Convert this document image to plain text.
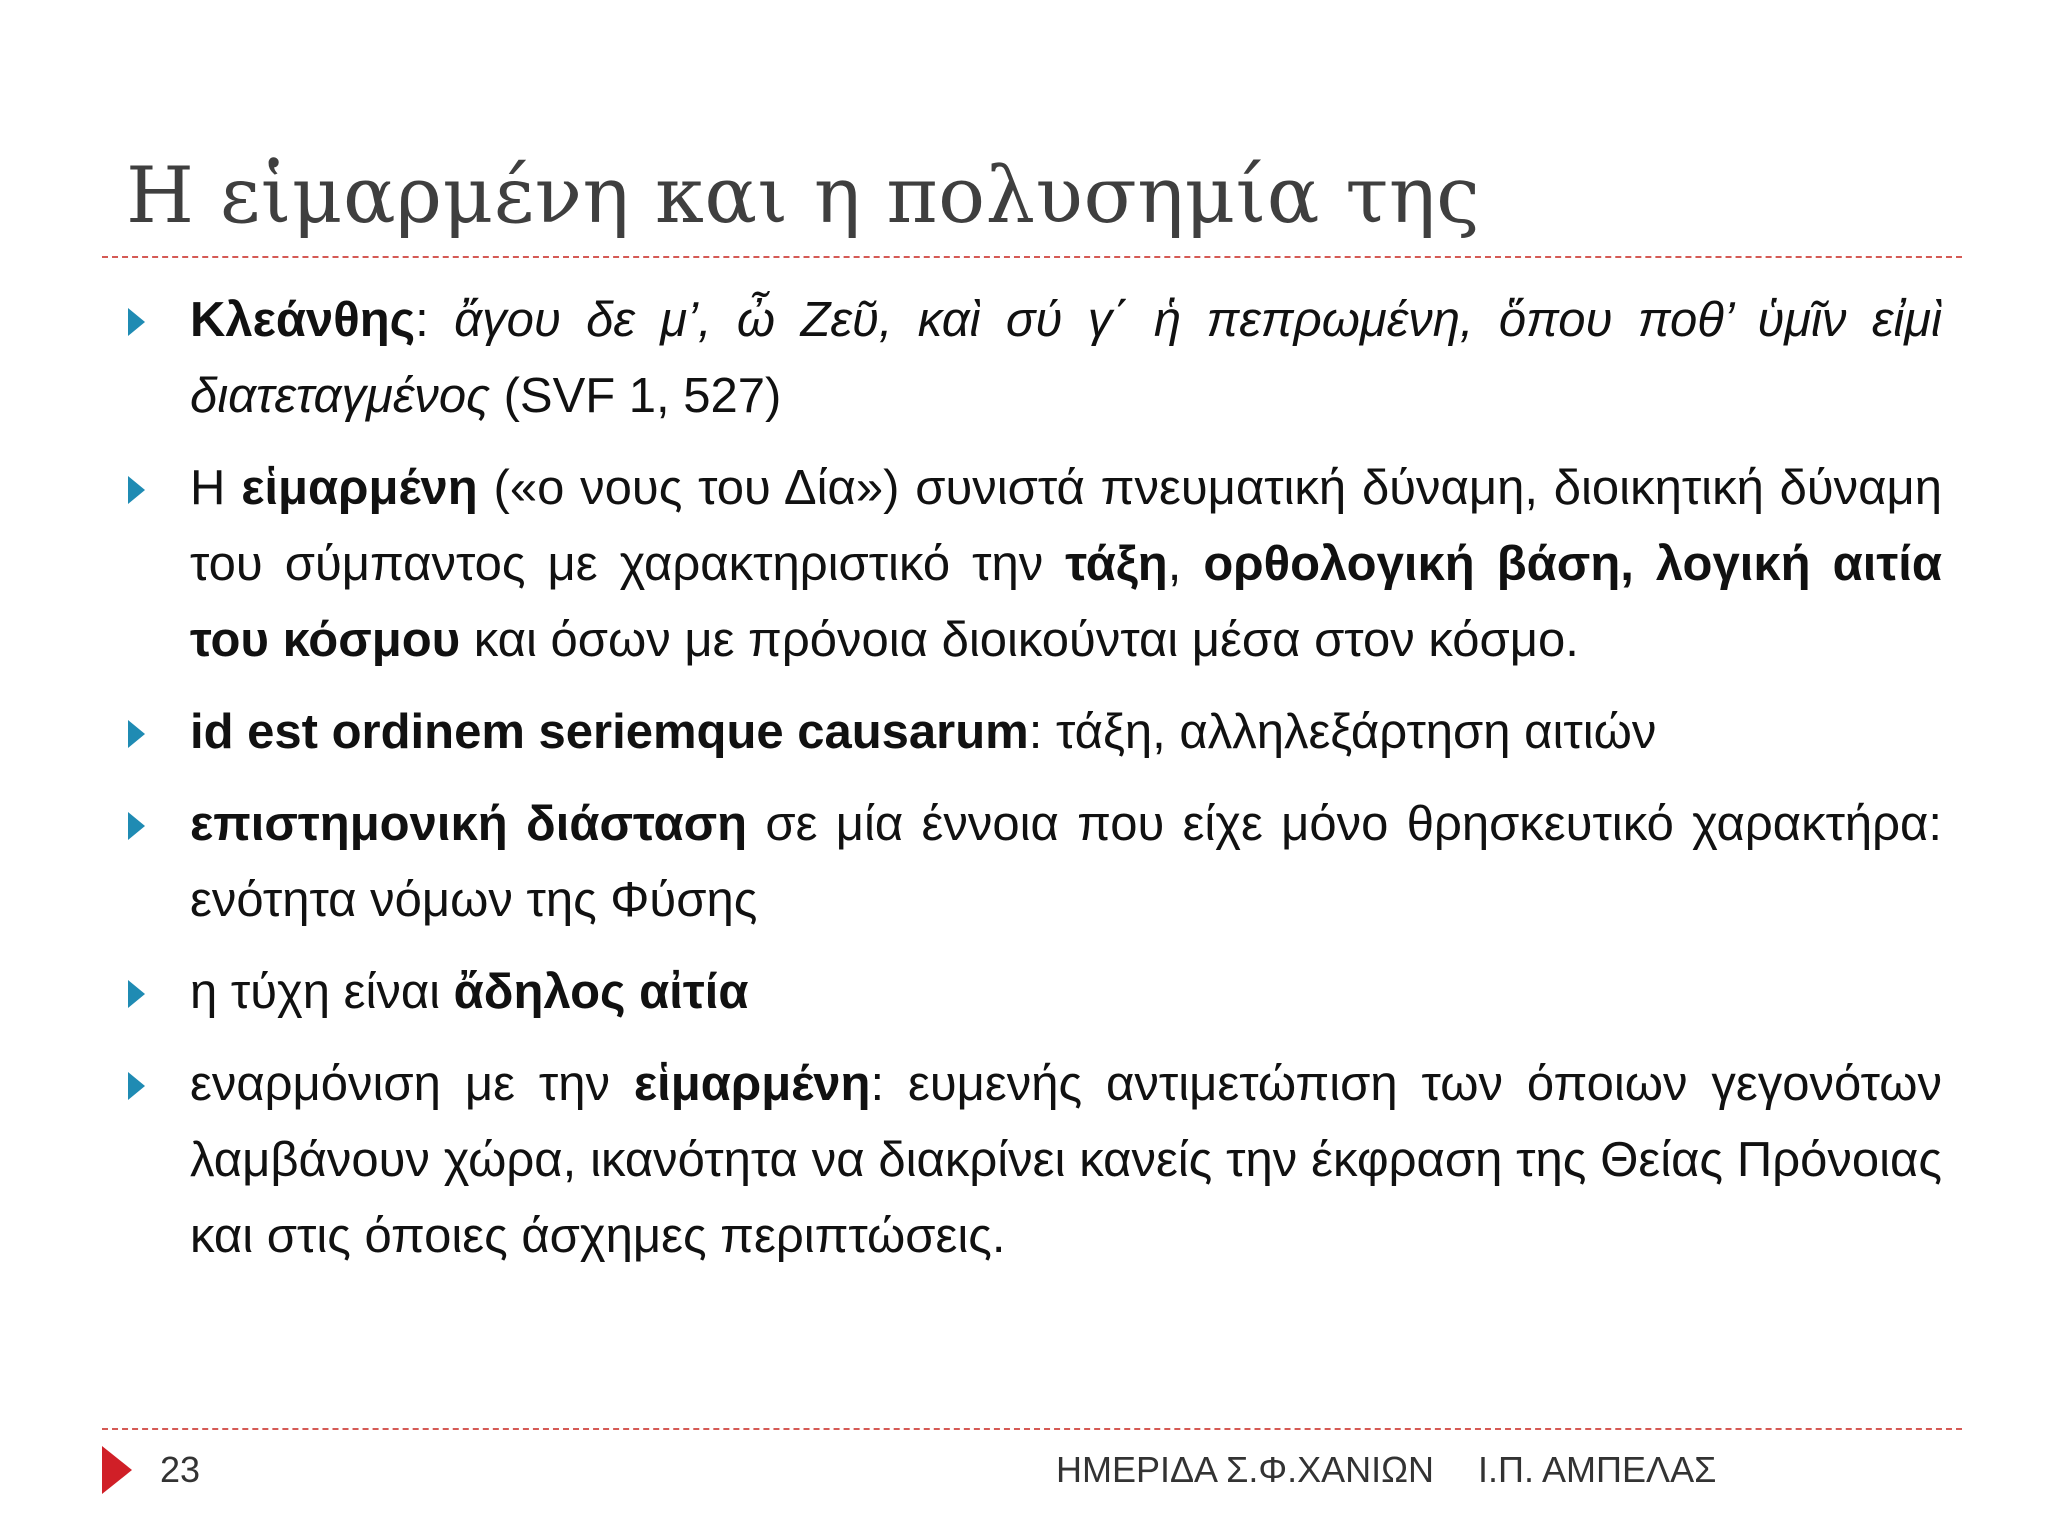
Η εἱμαρμένη και η πολυσημία της
Κλεάνθης: ἄγου δε μ’, ὦ Ζεῦ, καὶ σύ γ΄ ἡ πεπρωμένη, ὅπου ποθ’ ὑμῖν εἰμὶ διατεταγμένος (SVF 1, 527)
Η εἱμαρμένη («ο νους του Δία») συνιστά πνευματική δύναμη, διοικητική δύναμη του σύμπαντος με χαρακτηριστικό την τάξη, ορθολογική βάση, λογική αιτία του κόσμου και όσων με πρόνοια διοικούνται μέσα στον κόσμο.
id est ordinem seriemque causarum: τάξη, αλληλεξάρτηση αιτιών
επιστημονική διάσταση σε μία έννοια που είχε μόνο θρησκευτικό χαρακτήρα: ενότητα νόμων της Φύσης
η τύχη είναι ἄδηλος αἰτία
εναρμόνιση με την εἱμαρμένη: ευμενής αντιμετώπιση των όποιων γεγονότων λαμβάνουν χώρα, ικανότητα να διακρίνει κανείς την έκφραση της Θείας Πρόνοιας και στις όποιες άσχημες περιπτώσεις.
23	ΗΜΕΡΙΔΑ Σ.Φ.ΧΑΝΙΩΝ Ι.Π. ΑΜΠΕΛΑΣ
